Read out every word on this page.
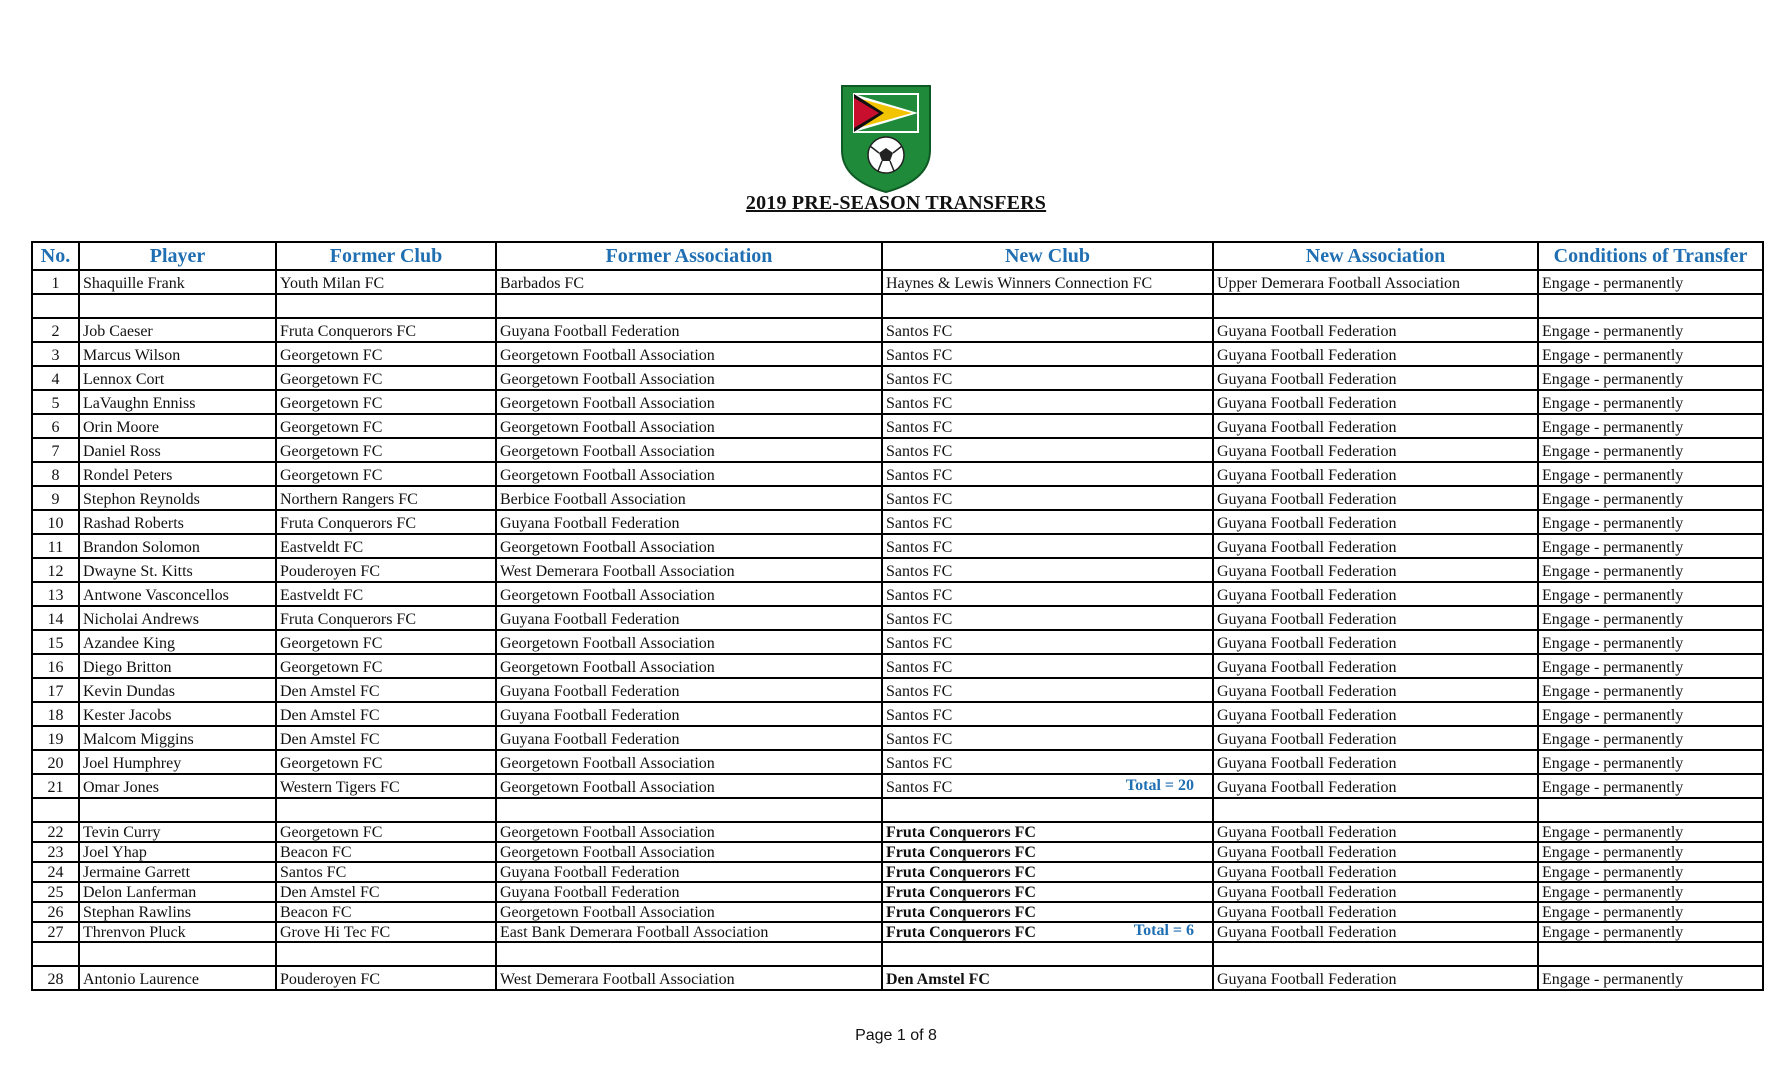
2019 PRE-SEASON TRANSFERS
No.	Player	Former Club	Former Association	New Club	New Association	Conditions of Transfer
1	Shaquille Frank	Youth Milan FC	Barbados FC	Haynes & Lewis Winners Connection FC	Upper Demerara Football Association	Engage - permanently

2	Job Caeser	Fruta Conquerors FC	Guyana Football Federation	Santos FC	Guyana Football Federation	Engage - permanently
3	Marcus Wilson	Georgetown FC	Georgetown Football Association	Santos FC	Guyana Football Federation	Engage - permanently
4	Lennox Cort	Georgetown FC	Georgetown Football Association	Santos FC	Guyana Football Federation	Engage - permanently
5	LaVaughn Enniss	Georgetown FC	Georgetown Football Association	Santos FC	Guyana Football Federation	Engage - permanently
6	Orin Moore	Georgetown FC	Georgetown Football Association	Santos FC	Guyana Football Federation	Engage - permanently
7	Daniel Ross	Georgetown FC	Georgetown Football Association	Santos FC	Guyana Football Federation	Engage - permanently
8	Rondel Peters	Georgetown FC	Georgetown Football Association	Santos FC	Guyana Football Federation	Engage - permanently
9	Stephon Reynolds	Northern Rangers FC	Berbice Football Association	Santos FC	Guyana Football Federation	Engage - permanently
10	Rashad Roberts	Fruta Conquerors FC	Guyana Football Federation	Santos FC	Guyana Football Federation	Engage - permanently
11	Brandon Solomon	Eastveldt FC	Georgetown Football Association	Santos FC	Guyana Football Federation	Engage - permanently
12	Dwayne St. Kitts	Pouderoyen FC	West Demerara Football Association	Santos FC	Guyana Football Federation	Engage - permanently
13	Antwone Vasconcellos	Eastveldt FC	Georgetown Football Association	Santos FC	Guyana Football Federation	Engage - permanently
14	Nicholai Andrews	Fruta Conquerors FC	Guyana Football Federation	Santos FC	Guyana Football Federation	Engage - permanently
15	Azandee King	Georgetown FC	Georgetown Football Association	Santos FC	Guyana Football Federation	Engage - permanently
16	Diego Britton	Georgetown FC	Georgetown Football Association	Santos FC	Guyana Football Federation	Engage - permanently
17	Kevin Dundas	Den Amstel FC	Guyana Football Federation	Santos FC	Guyana Football Federation	Engage - permanently
18	Kester Jacobs	Den Amstel FC	Guyana Football Federation	Santos FC	Guyana Football Federation	Engage - permanently
19	Malcom Miggins	Den Amstel FC	Guyana Football Federation	Santos FC	Guyana Football Federation	Engage - permanently
20	Joel Humphrey	Georgetown FC	Georgetown Football Association	Santos FC	Guyana Football Federation	Engage - permanently
21	Omar Jones	Western Tigers FC	Georgetown Football Association	Santos FC Total = 20	Guyana Football Federation	Engage - permanently

22	Tevin Curry	Georgetown FC	Georgetown Football Association	Fruta Conquerors FC	Guyana Football Federation	Engage - permanently
23	Joel Yhap	Beacon FC	Georgetown Football Association	Fruta Conquerors FC	Guyana Football Federation	Engage - permanently
24	Jermaine Garrett	Santos FC	Guyana Football Federation	Fruta Conquerors FC	Guyana Football Federation	Engage - permanently
25	Delon Lanferman	Den Amstel FC	Guyana Football Federation	Fruta Conquerors FC	Guyana Football Federation	Engage - permanently
26	Stephan Rawlins	Beacon FC	Georgetown Football Association	Fruta Conquerors FC	Guyana Football Federation	Engage - permanently
27	Threnvon Pluck	Grove Hi Tec FC	East Bank Demerara Football Association	Fruta Conquerors FC Total = 6	Guyana Football Federation	Engage - permanently

28	Antonio Laurence	Pouderoyen FC	West Demerara Football Association	Den Amstel FC	Guyana Football Federation	Engage - permanently
Page 1 of 8
